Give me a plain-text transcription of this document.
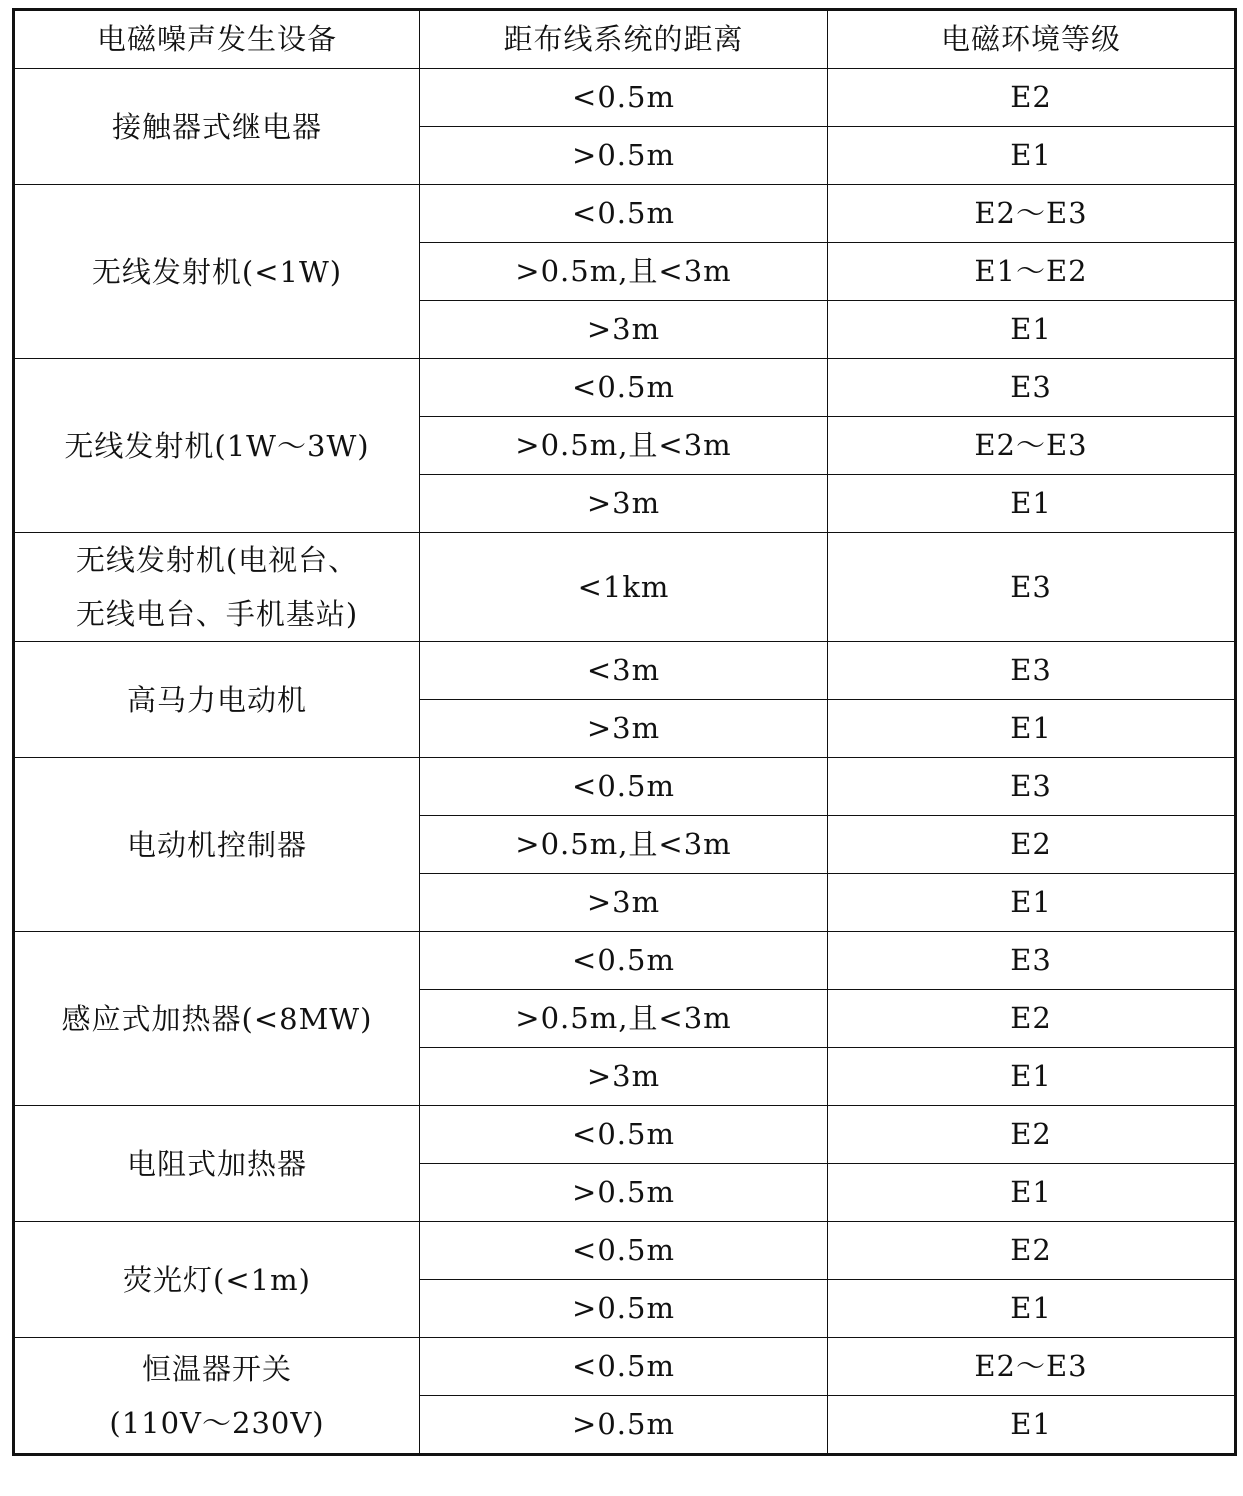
电磁噪声发生设备	距布线系统的距离	电磁环境等级

接触器式继电器	<0.5m	E2
	>0.5m	E1

无线发射机(<1W)	<0.5m	E2～E3
	>0.5m,且<3m	E1～E2
	>3m	E1

无线发射机(1W～3W)	<0.5m	E3
	>0.5m,且<3m	E2～E3
	>3m	E1

无线发射机(电视台、
无线电台、手机基站)	<1km	E3

高马力电动机	<3m	E3
	>3m	E1

电动机控制器	<0.5m	E3
	>0.5m,且<3m	E2
	>3m	E1

感应式加热器(<8MW)	<0.5m	E3
	>0.5m,且<3m	E2
	>3m	E1

电阻式加热器	<0.5m	E2
	>0.5m	E1

荧光灯(<1m)	<0.5m	E2
	>0.5m	E1

恒温器开关
(110V～230V)	<0.5m	E2～E3
	>0.5m	E1
